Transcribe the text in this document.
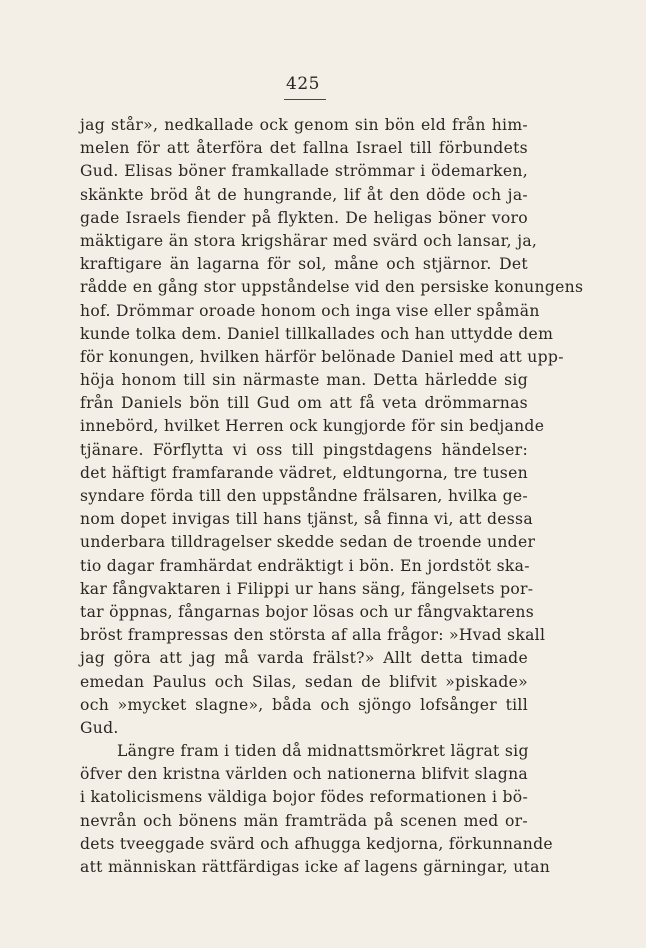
425
jag står», nedkallade ock genom sin bön eld från him-
melen för att återföra det fallna Israel till förbundets
Gud. Elisas böner framkallade strömmar i ödemarken,
skänkte bröd åt de hungrande, lif åt den döde och ja-
gade Israels fiender på flykten. De heligas böner voro
mäktigare än stora krigshärar med svärd och lansar, ja,
kraftigare än lagarna för sol, måne och stjärnor. Det
rådde en gång stor uppståndelse vid den persiske konungens
hof. Drömmar oroade honom och inga vise eller spåmän
kunde tolka dem. Daniel tillkallades och han uttydde dem
för konungen, hvilken härför belönade Daniel med att upp-
höja honom till sin närmaste man. Detta härledde sig
från Daniels bön till Gud om att få veta drömmarnas
innebörd, hvilket Herren ock kungjorde för sin bedjande
tjänare. Förflytta vi oss till pingstdagens händelser:
det häftigt framfarande vädret, eldtungorna, tre tusen
syndare förda till den uppståndne frälsaren, hvilka ge-
nom dopet invigas till hans tjänst, så finna vi, att dessa
underbara tilldragelser skedde sedan de troende under
tio dagar framhärdat endräktigt i bön. En jordstöt ska-
kar fångvaktaren i Filippi ur hans säng, fängelsets por-
tar öppnas, fångarnas bojor lösas och ur fångvaktarens
bröst frampressas den största af alla frågor: »Hvad skall
jag göra att jag må varda frälst?» Allt detta timade
emedan Paulus och Silas, sedan de blifvit »piskade»
och »mycket slagne», båda och sjöngo lofsånger till
Gud.
Längre fram i tiden då midnattsmörkret lägrat sig
öfver den kristna världen och nationerna blifvit slagna
i katolicismens väldiga bojor födes reformationen i bö-
nevrån och bönens män framträda på scenen med or-
dets tveeggade svärd och afhugga kedjorna, förkunnande
att människan rättfärdigas icke af lagens gärningar, utan
